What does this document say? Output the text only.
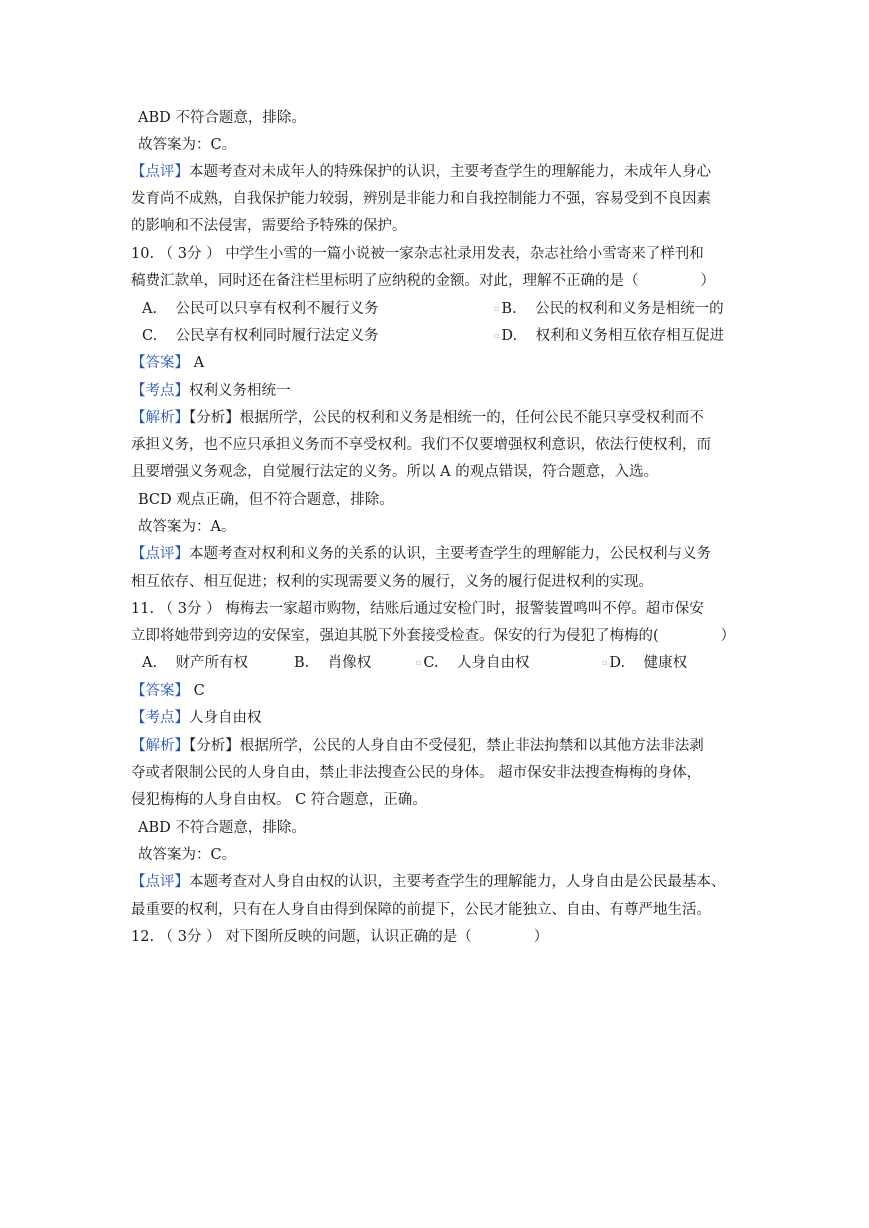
ABD 不符合题意，排除。
故答案为：C。
【点评】本题考查对未成年人的特殊保护的认识，主要考查学生的理解能力，未成年人身心
发育尚不成熟，自我保护能力较弱，辨别是非能力和自我控制能力不强，容易受到不良因素
的影响和不法侵害，需要给予特殊的保护。
10. （ 3分 ） 中学生小雪的一篇小说被一家杂志社录用发表，杂志社给小雪寄来了样刊和
稿费汇款单，同时还在备注栏里标明了应纳税的金额。对此，理解不正确的是（	）
A. 公民可以只享有权利不履行义务	▫ B. 公民的权利和义务是相统一的
C. 公民享有权利同时履行法定义务	▫ D. 权利和义务相互依存相互促进
【答案】 A
【考点】权利义务相统一
【解析】【分析】根据所学，公民的权利和义务是相统一的，任何公民不能只享受权利而不
承担义务，也不应只承担义务而不享受权利。我们不仅要增强权利意识，依法行使权利，而
且要增强义务观念，自觉履行法定的义务。所以 A 的观点错误，符合题意，入选。
BCD 观点正确，但不符合题意，排除。
故答案为：A。
【点评】本题考查对权利和义务的关系的认识，主要考查学生的理解能力，公民权利与义务
相互依存、相互促进；权利的实现需要义务的履行，义务的履行促进权利的实现。
11. （ 3分 ） 梅梅去一家超市购物，结账后通过安检门时，报警装置鸣叫不停。超市保安
立即将她带到旁边的安保室，强迫其脱下外套接受检查。保安的行为侵犯了梅梅的(	）
A. 财产所有权	B. 肖像权	▫ C. 人身自由权	▫ D. 健康权
【答案】 C
【考点】人身自由权
【解析】【分析】根据所学，公民的人身自由不受侵犯，禁止非法拘禁和以其他方法非法剥
夺或者限制公民的人身自由，禁止非法搜查公民的身体。 超市保安非法搜查梅梅的身体，
侵犯梅梅的人身自由权。 C 符合题意，正确。
ABD 不符合题意，排除。
故答案为：C。
【点评】本题考查对人身自由权的认识，主要考查学生的理解能力，人身自由是公民最基本、
最重要的权利，只有在人身自由得到保障的前提下，公民才能独立、自由、有尊严地生活。
12. （ 3分 ） 对下图所反映的问题，认识正确的是（	）
